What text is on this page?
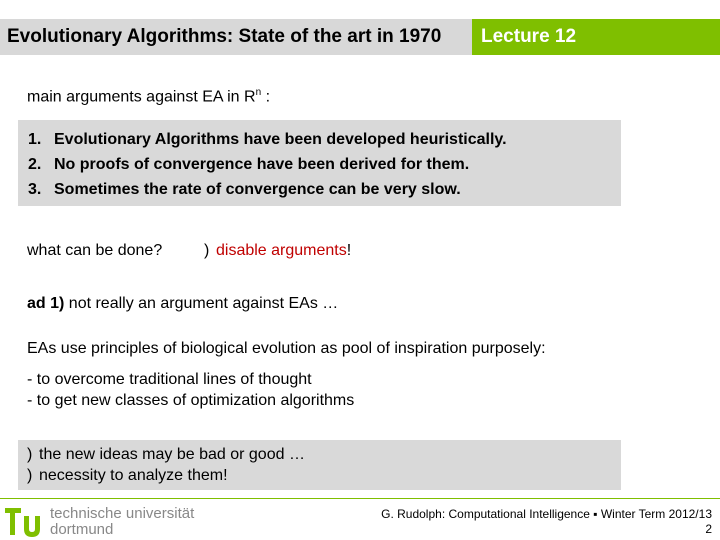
Evolutionary Algorithms: State of the art in 1970 Lecture 12
main arguments against EA in $R^n$ :
1. Evolutionary Algorithms have been developed heuristically.
2. No proofs of convergence have been derived for them.
3. Sometimes the rate of convergence can be very slow.
what can be done?	) disable arguments!
ad 1) not really an argument against EAs …
EAs use principles of biological evolution as pool of inspiration purposely:
- to overcome traditional lines of thought
- to get new classes of optimization algorithms
) the new ideas may be bad or good …
) necessity to analyze them!
technische universität
dortmund
G. Rudolph: Computational Intelligence ▪ Winter Term 2012/13
2
